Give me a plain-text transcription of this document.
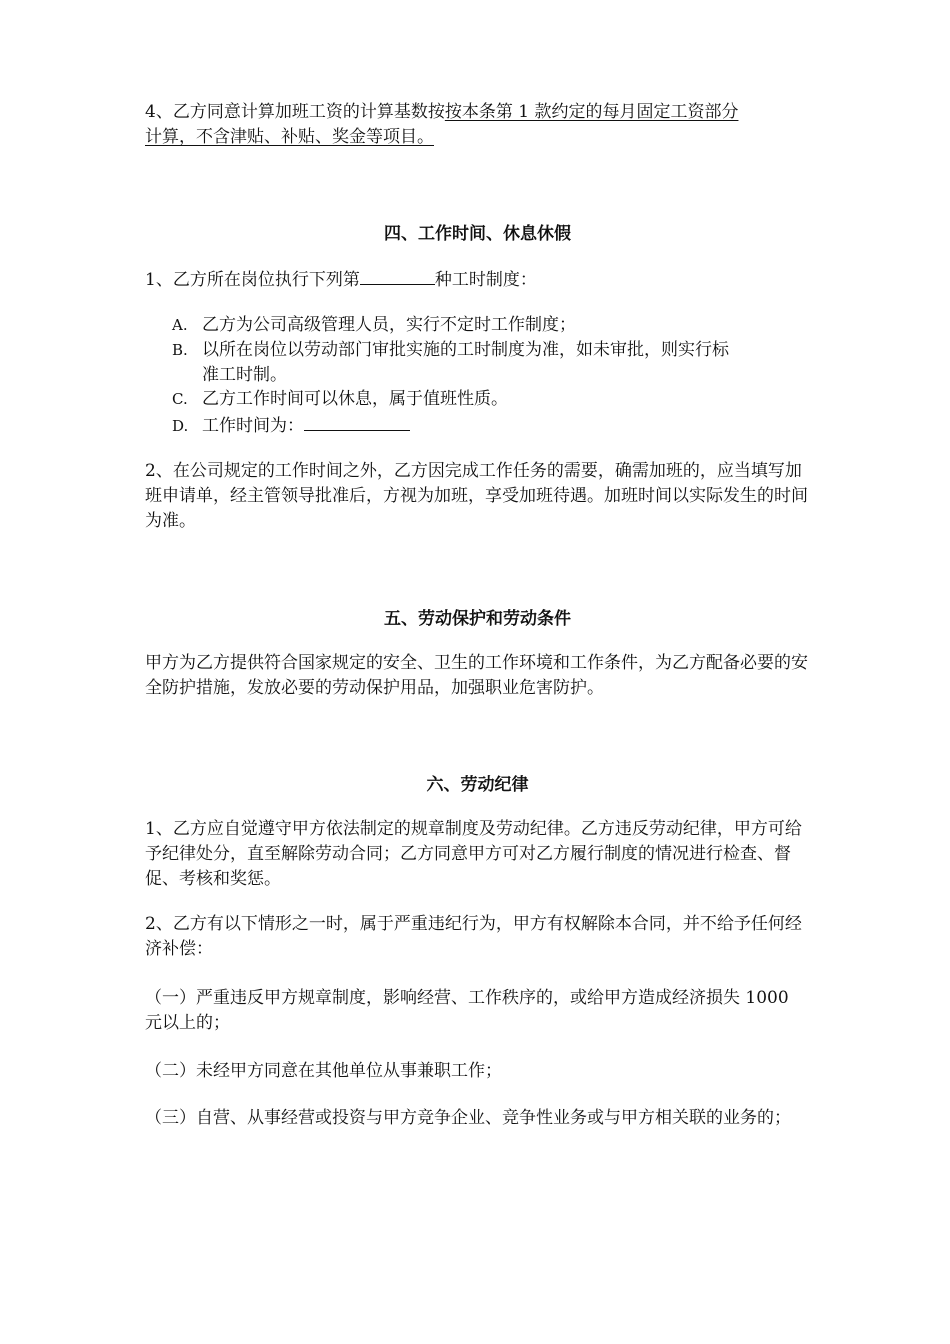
4、乙方同意计算加班工资的计算基数按按本条第 1 款约定的每月固定工资部分
计算，不含津贴、补贴、奖金等项目。

四、工作时间、休息休假

1、乙方所在岗位执行下列第	种工时制度：

A. 乙方为公司高级管理人员，实行不定时工作制度；

B. 以所在岗位以劳动部门审批实施的工时制度为准，如未审批，则实行标
准工时制。

C. 乙方工作时间可以休息，属于值班性质。

D. 工作时间为：

2、在公司规定的工作时间之外，乙方因完成工作任务的需要，确需加班的，应当填写加班申请单，经主管领导批准后，方视为加班，享受加班待遇。加班时间以实际发生的时间为准。

五、劳动保护和劳动条件

甲方为乙方提供符合国家规定的安全、卫生的工作环境和工作条件，为乙方配备必要的安全防护措施，发放必要的劳动保护用品，加强职业危害防护。

六、劳动纪律

1、乙方应自觉遵守甲方依法制定的规章制度及劳动纪律。乙方违反劳动纪律，甲方可给予纪律处分，直至解除劳动合同；乙方同意甲方可对乙方履行制度的情况进行检查、督促、考核和奖惩。

2、乙方有以下情形之一时，属于严重违纪行为，甲方有权解除本合同，并不给予任何经济补偿：

（一）严重违反甲方规章制度，影响经营、工作秩序的，或给甲方造成经济损失 1000 元以上的；

（二）未经甲方同意在其他单位从事兼职工作；

（三）自营、从事经营或投资与甲方竞争企业、竞争性业务或与甲方相关联的业务的；
